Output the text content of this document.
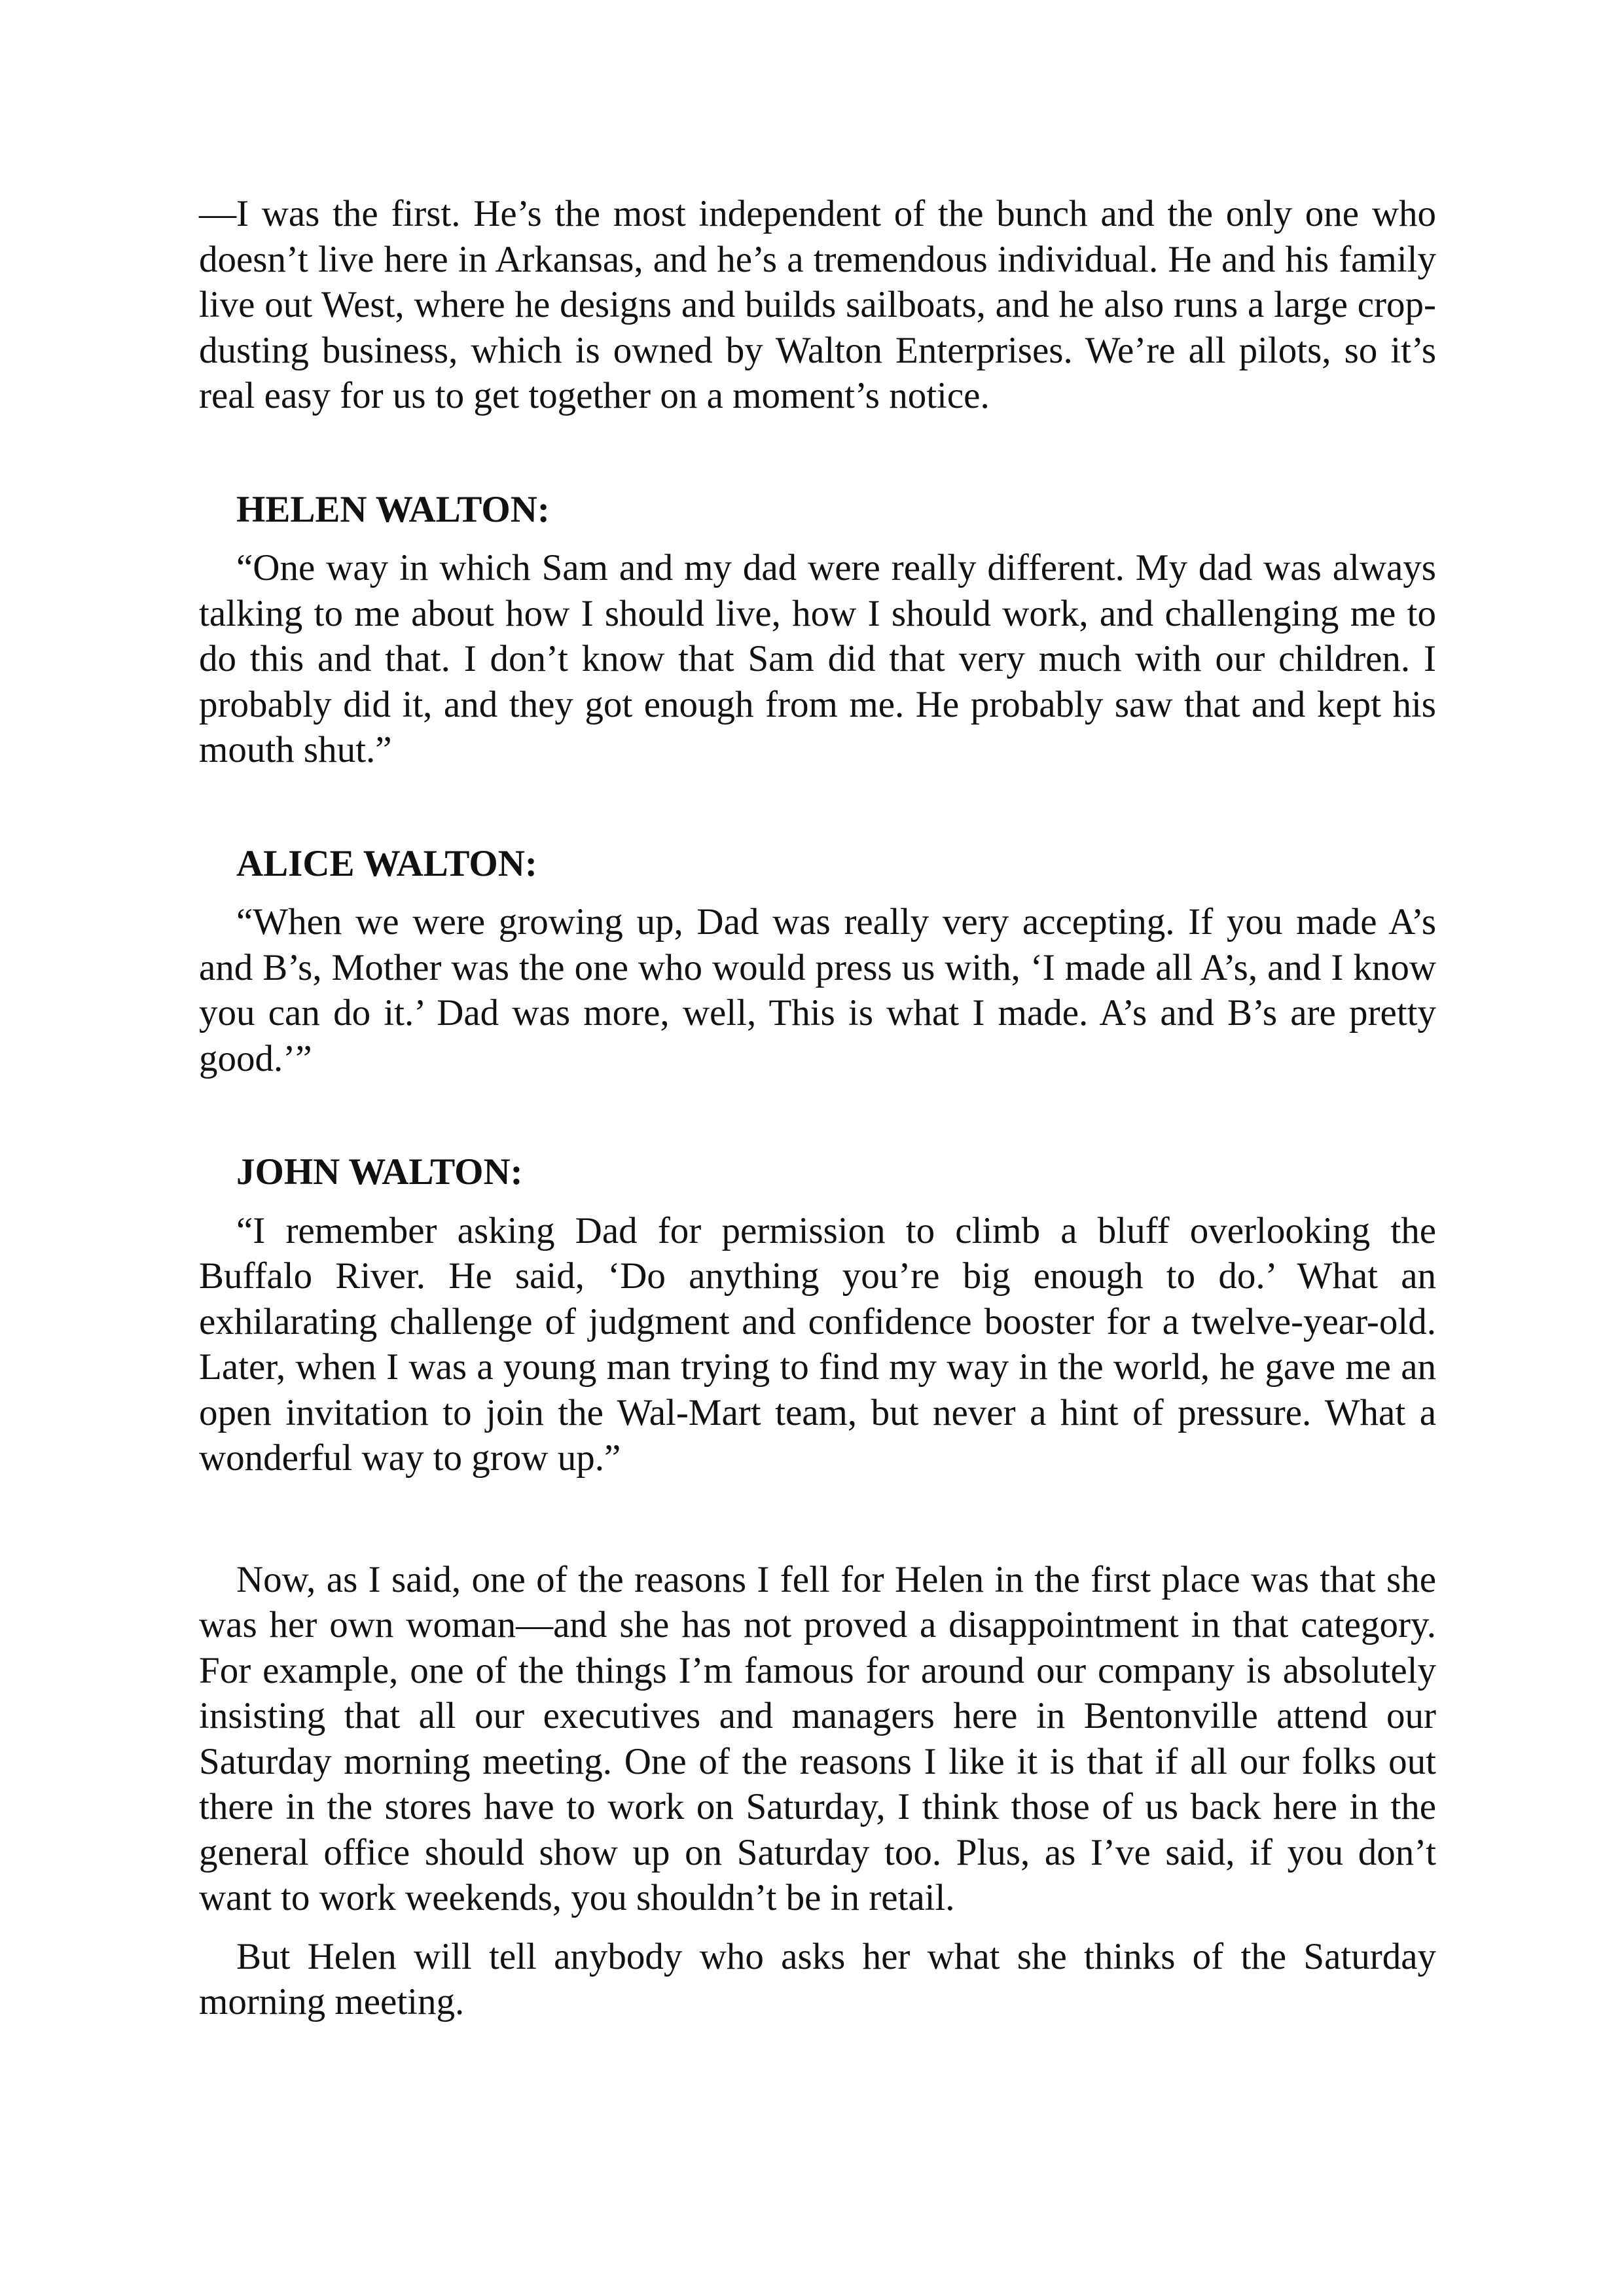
—I was the first. He’s the most independent of the bunch and the only one who doesn’t live here in Arkansas, and he’s a tremendous individual. He and his family live out West, where he designs and builds sailboats, and he also runs a large crop-dusting business, which is owned by Walton Enterprises. We’re all pilots, so it’s real easy for us to get together on a moment’s notice.

HELEN WALTON:

“One way in which Sam and my dad were really different. My dad was always talking to me about how I should live, how I should work, and challenging me to do this and that. I don’t know that Sam did that very much with our children. I probably did it, and they got enough from me. He probably saw that and kept his mouth shut.”

ALICE WALTON:

“When we were growing up, Dad was really very accepting. If you made A’s and B’s, Mother was the one who would press us with, ‘I made all A’s, and I know you can do it.’ Dad was more, well, This is what I made. A’s and B’s are pretty good.’”

JOHN WALTON:

“I remember asking Dad for permission to climb a bluff overlooking the Buffalo River. He said, ‘Do anything you’re big enough to do.’ What an exhilarating challenge of judgment and confidence booster for a twelve-year-old. Later, when I was a young man trying to find my way in the world, he gave me an open invitation to join the Wal-Mart team, but never a hint of pressure. What a wonderful way to grow up.”

Now, as I said, one of the reasons I fell for Helen in the first place was that she was her own woman—and she has not proved a disappointment in that category. For example, one of the things I’m famous for around our company is absolutely insisting that all our executives and managers here in Bentonville attend our Saturday morning meeting. One of the reasons I like it is that if all our folks out there in the stores have to work on Saturday, I think those of us back here in the general office should show up on Saturday too. Plus, as I’ve said, if you don’t want to work weekends, you shouldn’t be in retail.

But Helen will tell anybody who asks her what she thinks of the Saturday morning meeting.
